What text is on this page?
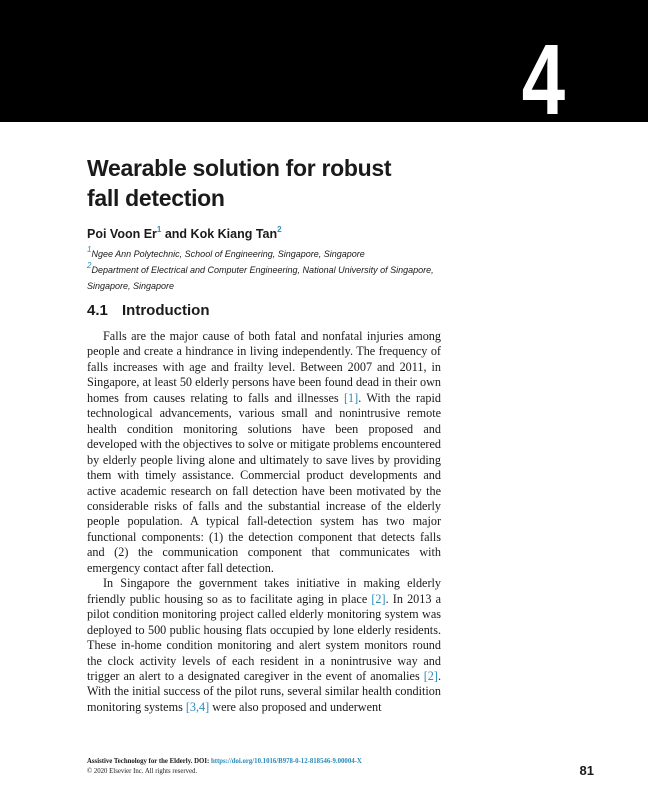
4
Wearable solution for robust
fall detection
Poi Voon Er$^1$ and Kok Kiang Tan$^2$
$^1$Ngee Ann Polytechnic, School of Engineering, Singapore, Singapore
$^2$Department of Electrical and Computer Engineering, National University of Singapore, Singapore, Singapore
4.1 Introduction

Falls are the major cause of both fatal and nonfatal injuries among people and create a hindrance in living independently. The frequency of falls increases with age and frailty level. Between 2007 and 2011, in Singapore, at least 50 elderly persons have been found dead in their own homes from causes relating to falls and illnesses [1]. With the rapid technological advancements, various small and nonintrusive remote health condition monitoring solutions have been proposed and developed with the objectives to solve or mitigate problems encountered by elderly people living alone and ultimately to save lives by providing them with timely assistance. Commercial product developments and active academic research on fall detection have been motivated by the considerable risks of falls and the substantial increase of the elderly people population. A typical fall-detection system has two major functional components: (1) the detection component that detects falls and (2) the communication component that communicates with emergency contact after fall detection.

In Singapore the government takes initiative in making elderly friendly public housing so as to facilitate aging in place [2]. In 2013 a pilot condition monitoring project called elderly monitoring system was deployed to 500 public housing flats occupied by lone elderly residents. These in-home condition monitoring and alert system monitors round the clock activity levels of each resident in a nonintrusive way and trigger an alert to a designated caregiver in the event of anomalies [2]. With the initial success of the pilot runs, several similar health condition monitoring systems [3,4] were also proposed and underwent

Assistive Technology for the Elderly. DOI: https://doi.org/10.1016/B978-0-12-818546-9.00004-X
© 2020 Elsevier Inc. All rights reserved.	81
